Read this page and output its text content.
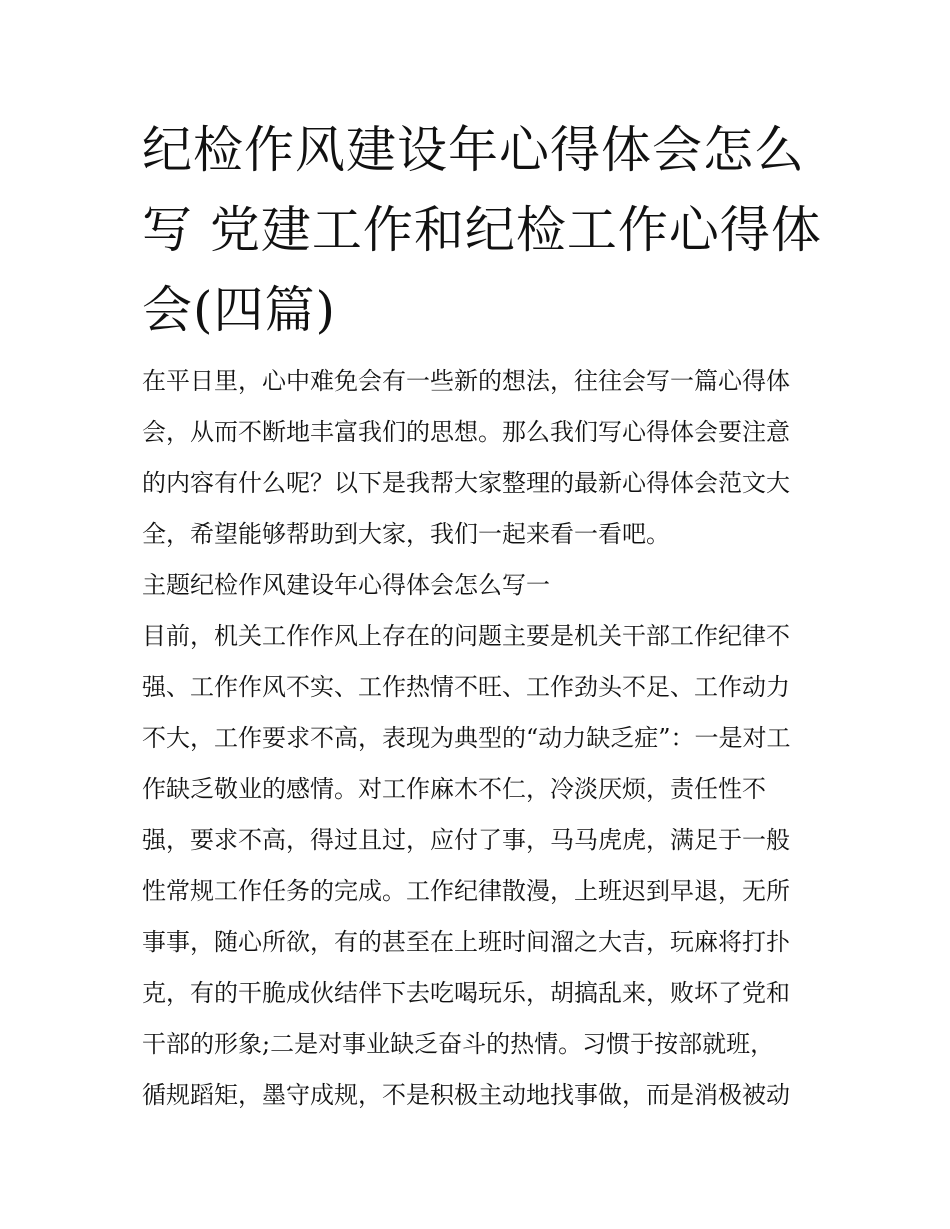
纪检作风建设年心得体会怎么
写 党建工作和纪检工作心得体
会(四篇)
在平日里，心中难免会有一些新的想法，往往会写一篇心得体
会，从而不断地丰富我们的思想。那么我们写心得体会要注意
的内容有什么呢？以下是我帮大家整理的最新心得体会范文大
全，希望能够帮助到大家，我们一起来看一看吧。
主题纪检作风建设年心得体会怎么写一
目前，机关工作作风上存在的问题主要是机关干部工作纪律不
强、工作作风不实、工作热情不旺、工作劲头不足、工作动力
不大，工作要求不高，表现为典型的“动力缺乏症”：一是对工
作缺乏敬业的感情。对工作麻木不仁，冷淡厌烦，责任性不
强，要求不高，得过且过，应付了事，马马虎虎，满足于一般
性常规工作任务的完成。工作纪律散漫，上班迟到早退，无所
事事，随心所欲，有的甚至在上班时间溜之大吉，玩麻将打扑
克，有的干脆成伙结伴下去吃喝玩乐，胡搞乱来，败坏了党和
干部的形象;二是对事业缺乏奋斗的热情。习惯于按部就班，
循规蹈矩，墨守成规，不是积极主动地找事做，而是消极被动
